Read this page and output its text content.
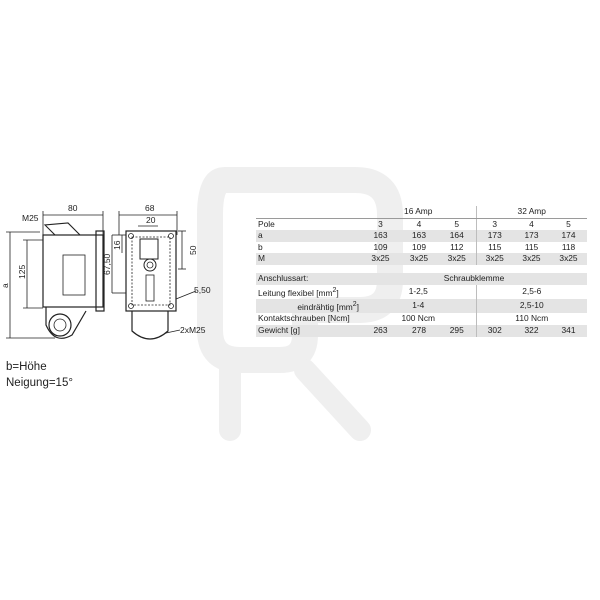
M25
80	68
20
5,50
2xM25
a
125	67,50
16
50
b=Höhe
Neigung=15°
	16 Amp			32 Amp		
Pole	3	4	5	3	4	5
a	163	163	164	173	173	174
b	109	109	112	115	115	118
M	3x25	3x25	3x25	3x25	3x25	3x25

Anschlussart:	Schraubklemme					
Leitung flexibel $[mm^2]$	1-2,5			2,5-6		
eindrähtig $[mm^2]$	1-4			2,5-10		
Kontaktschrauben [Ncm]	100 Ncm			110 Ncm		
Gewicht [g]	263	278	295	302	322	341
